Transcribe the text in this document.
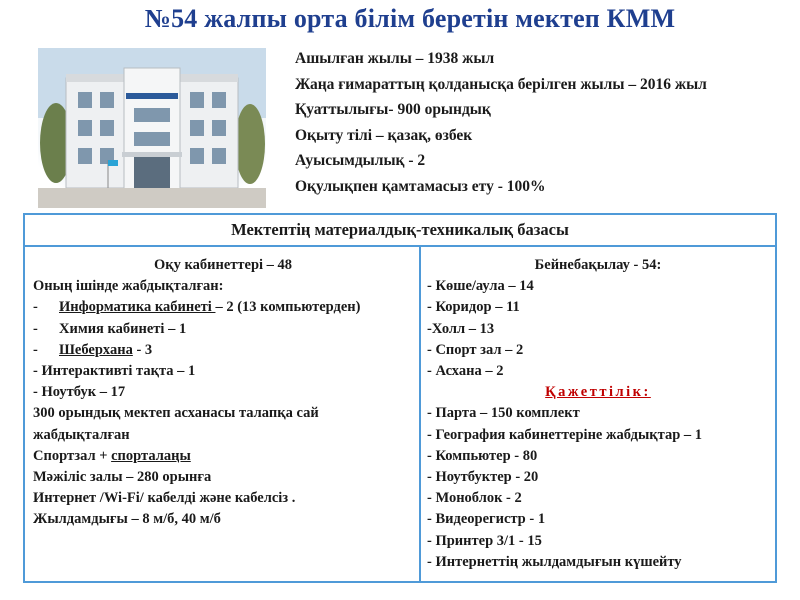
№54 жалпы орта білім беретін мектеп КММ
Ашылған жылы – 1938 жыл
Жаңа ғимараттың қолданысқа берілген жылы – 2016 жыл
Қуаттылығы- 900 орындық
Оқыту тілі – қазақ, өзбек
Ауысымдылық - 2
Оқулықпен қамтамасыз ету - 100%
Мектептің материалдық-техникалық базасы
Оқу кабинеттері – 48
Оның ішінде жабдықталған:
-	Информатика кабинеті – 2 (13 компьютерден)
-	Химия кабинеті – 1
-	Шеберхана - 3
- Интерактивті тақта – 1
- Ноутбук – 17
300 орындық мектеп асханасы талапқа сай жабдықталған
Спортзал + спорталаңы
Мәжіліс залы – 280 орынға
Интернет /Wi-Fi/ кабелді және кабелсіз .
Жылдамдығы – 8 м/б, 40 м/б
Бейнебақылау - 54:
- Көше/аула – 14
- Коридор – 11
-Холл – 13
- Спорт зал – 2
- Асхана – 2
Қажеттілік:
- Парта – 150 комплект
- География кабинеттеріне жабдықтар – 1
- Компьютер - 80
- Ноутбуктер - 20
- Моноблок - 2
- Видеорегистр - 1
- Принтер 3/1 - 15
- Интернеттің жылдамдығын күшейту
